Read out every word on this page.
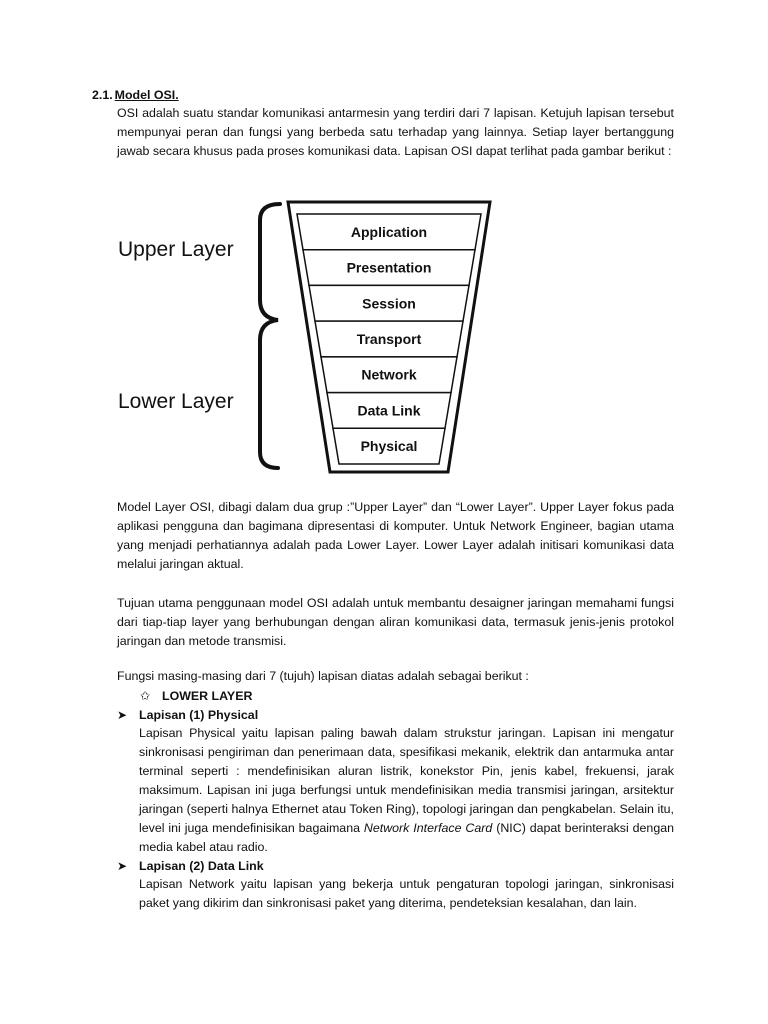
2.1. Model OSI.

OSI adalah suatu standar komunikasi antarmesin yang terdiri dari 7 lapisan. Ketujuh lapisan tersebut mempunyai peran dan fungsi yang berbeda satu terhadap yang lainnya. Setiap layer bertanggung jawab secara khusus pada proses komunikasi data. Lapisan OSI dapat terlihat pada gambar berikut :

Upper Layer
Lower Layer
Application
Presentation
Session
Transport
Network
Data Link
Physical

Model Layer OSI, dibagi dalam dua grup :”Upper Layer” dan “Lower Layer”. Upper Layer fokus pada aplikasi pengguna dan bagimana dipresentasi di komputer. Untuk Network Engineer, bagian utama yang menjadi perhatiannya adalah pada Lower Layer. Lower Layer adalah initisari komunikasi data melalui jaringan aktual.

Tujuan utama penggunaan model OSI adalah untuk membantu desaigner jaringan memahami fungsi dari tiap-tiap layer yang berhubungan dengan aliran komunikasi data, termasuk jenis-jenis protokol jaringan dan metode transmisi.

Fungsi masing-masing dari 7 (tujuh) lapisan diatas adalah sebagai berikut :

✩ LOWER LAYER
➤ Lapisan (1) Physical

Lapisan Physical yaitu lapisan paling bawah dalam strukstur jaringan. Lapisan ini mengatur sinkronisasi pengiriman dan penerimaan data, spesifikasi mekanik, elektrik dan antarmuka antar terminal seperti : mendefinisikan aluran listrik, konekstor Pin, jenis kabel, frekuensi, jarak maksimum. Lapisan ini juga berfungsi untuk mendefinisikan media transmisi jaringan, arsitektur jaringan (seperti halnya Ethernet atau Token Ring), topologi jaringan dan pengkabelan. Selain itu, level ini juga mendefinisikan bagaimana Network Interface Card (NIC) dapat berinteraksi dengan media kabel atau radio.

➤ Lapisan (2) Data Link

Lapisan Network yaitu lapisan yang bekerja untuk pengaturan topologi jaringan, sinkronisasi paket yang dikirim dan sinkronisasi paket yang diterima, pendeteksian kesalahan, dan lain.
